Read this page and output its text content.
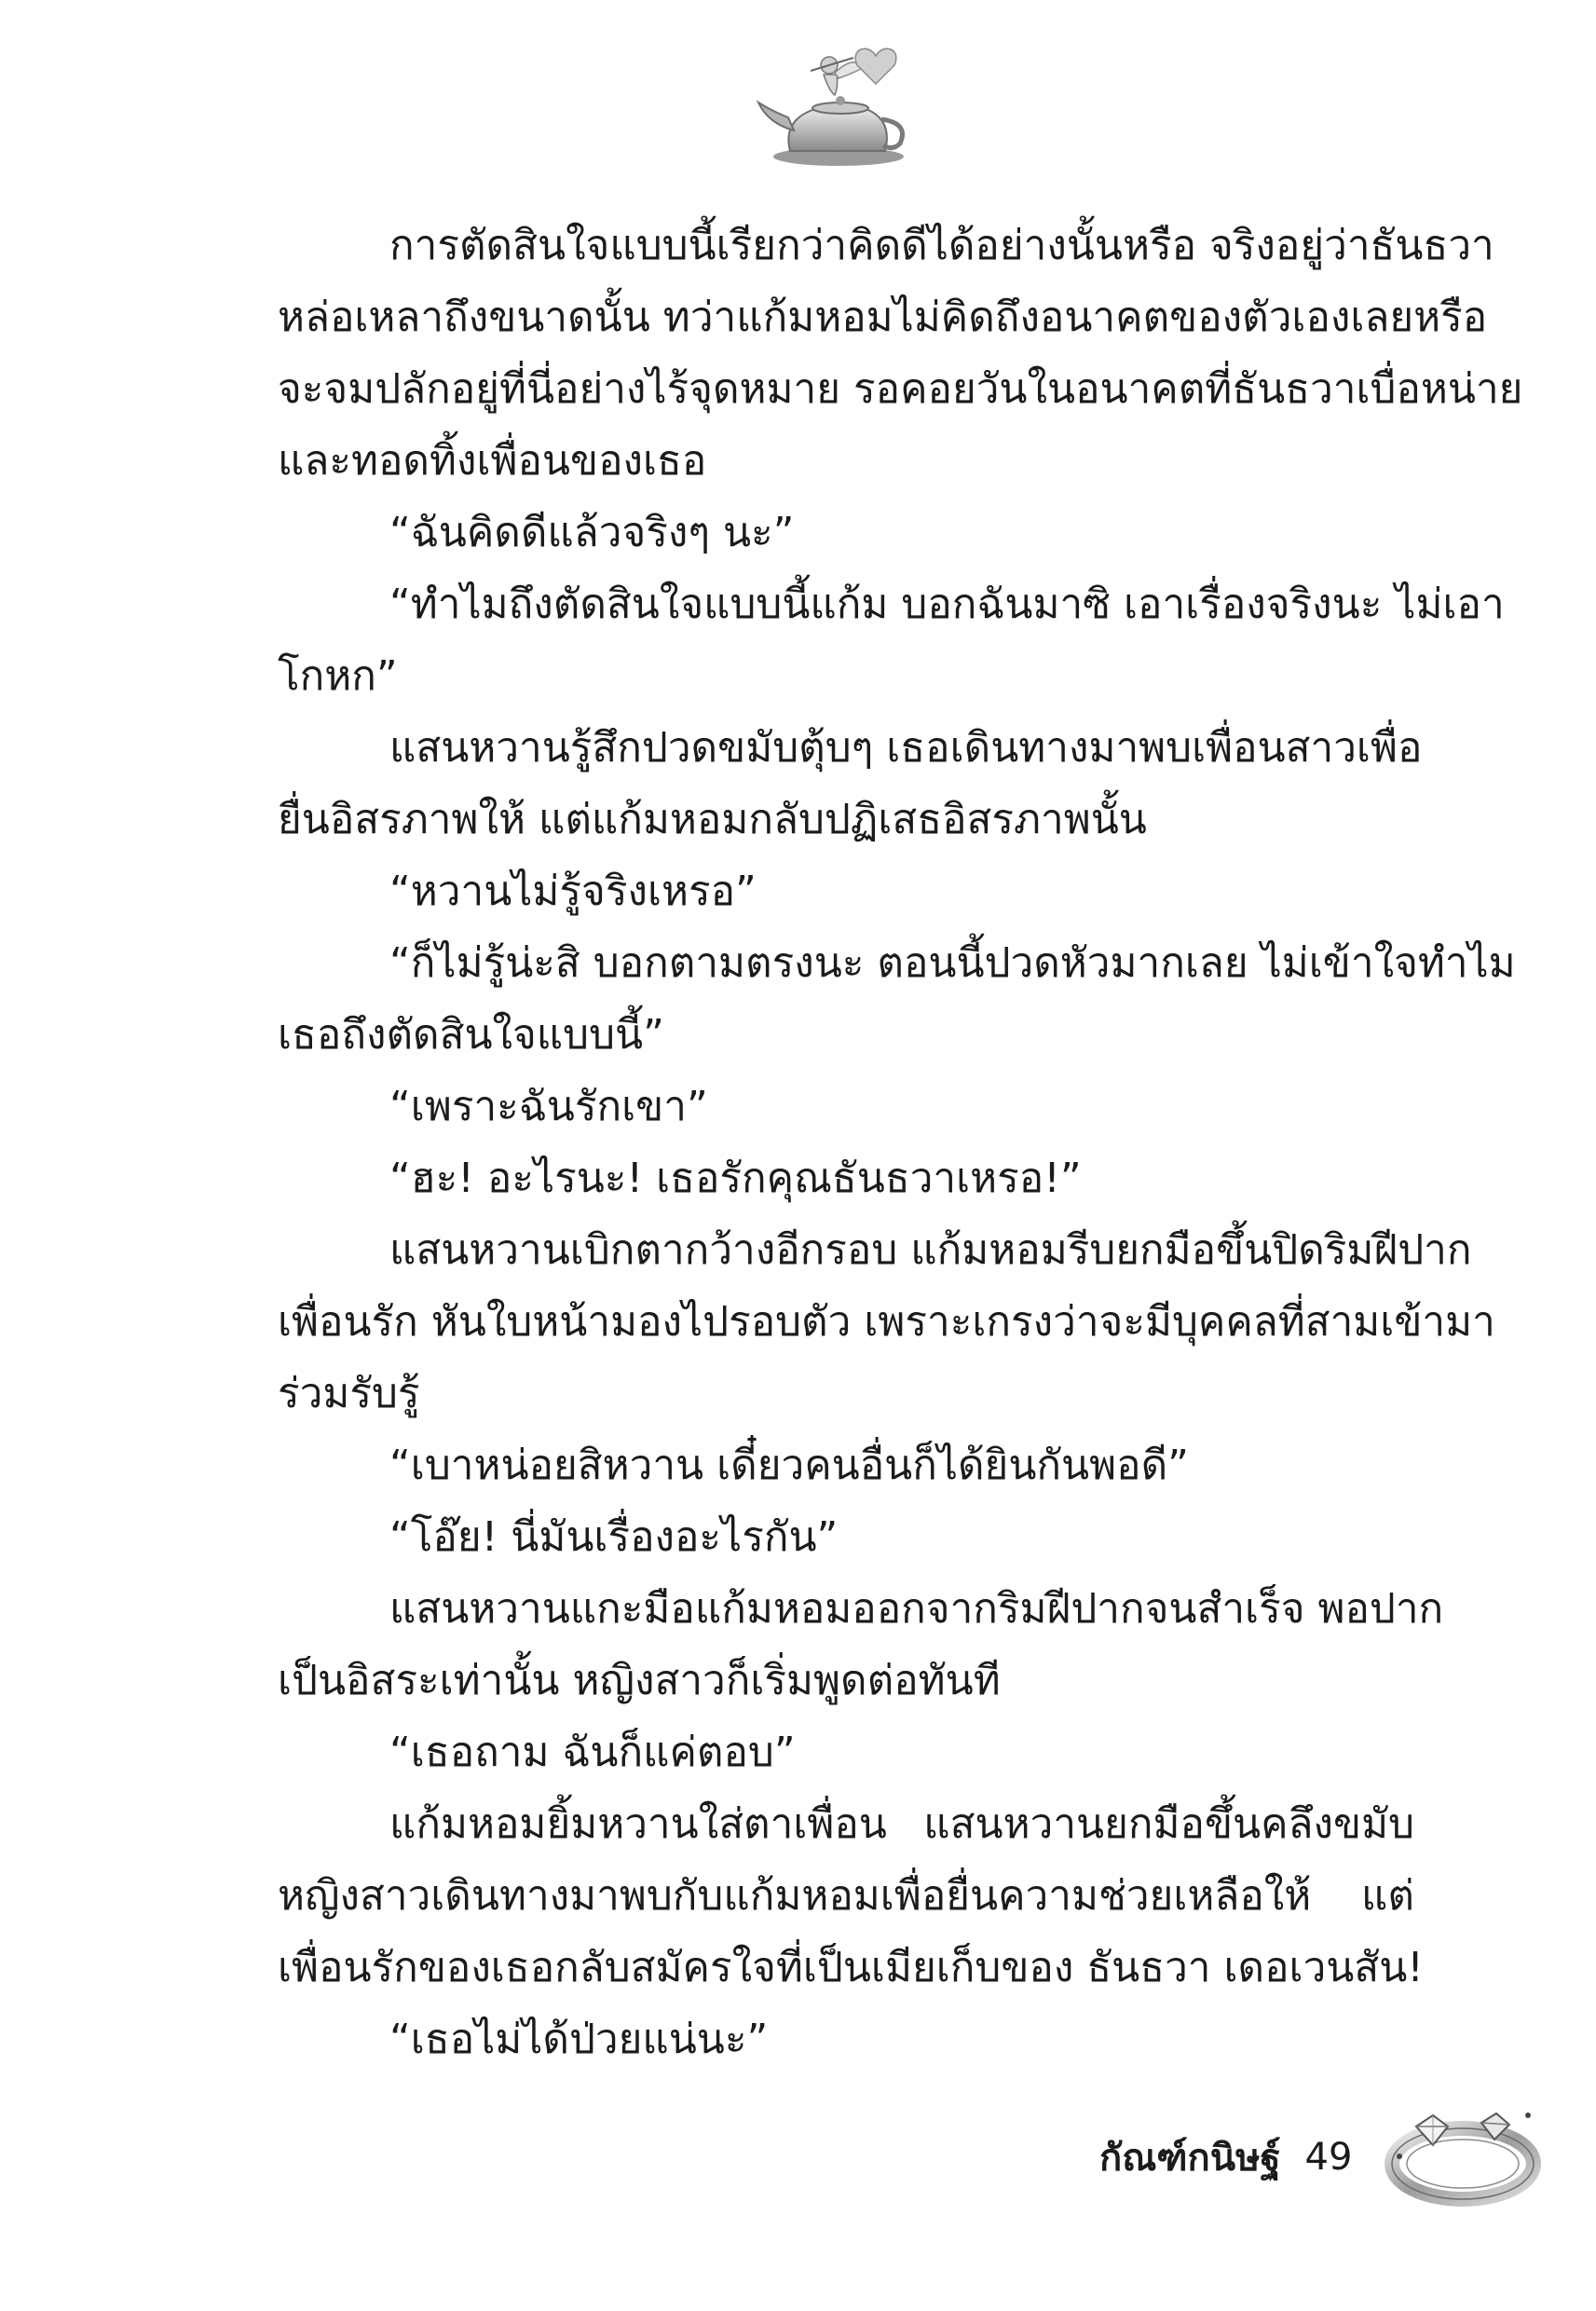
การตัดสินใจแบบนี้เรียกว่าคิดดีได้อย่างนั้นหรือ จริงอยู่ว่าธันธวา
หล่อเหลาถึงขนาดนั้น ทว่าแก้มหอมไม่คิดถึงอนาคตของตัวเองเลยหรือ
จะจมปลักอยู่ที่นี่อย่างไร้จุดหมาย รอคอยวันในอนาคตที่ธันธวาเบื่อหน่าย
และทอดทิ้งเพื่อนของเธอ
“ฉันคิดดีแล้วจริงๆ นะ”
“ทำไมถึงตัดสินใจแบบนี้แก้ม บอกฉันมาซิ เอาเรื่องจริงนะ ไม่เอา
โกหก”
แสนหวานรู้สึกปวดขมับตุ้บๆ เธอเดินทางมาพบเพื่อนสาวเพื่อ
ยื่นอิสรภาพให้ แต่แก้มหอมกลับปฏิเสธอิสรภาพนั้น
“หวานไม่รู้จริงเหรอ”
“ก็ไม่รู้น่ะสิ บอกตามตรงนะ ตอนนี้ปวดหัวมากเลย ไม่เข้าใจทำไม
เธอถึงตัดสินใจแบบนี้”
“เพราะฉันรักเขา”
“ฮะ! อะไรนะ! เธอรักคุณธันธวาเหรอ!”
แสนหวานเบิกตากว้างอีกรอบ แก้มหอมรีบยกมือขึ้นปิดริมฝีปาก
เพื่อนรัก หันใบหน้ามองไปรอบตัว เพราะเกรงว่าจะมีบุคคลที่สามเข้ามา
ร่วมรับรู้
“เบาหน่อยสิหวาน เดี๋ยวคนอื่นก็ได้ยินกันพอดี”
“โอ๊ย! นี่มันเรื่องอะไรกัน”
แสนหวานแกะมือแก้มหอมออกจากริมฝีปากจนสำเร็จ พอปาก
เป็นอิสระเท่านั้น หญิงสาวก็เริ่มพูดต่อทันที
“เธอถาม ฉันก็แค่ตอบ”
แก้มหอมยิ้มหวานใส่ตาเพื่อน แสนหวานยกมือขึ้นคลึงขมับ
หญิงสาวเดินทางมาพบกับแก้มหอมเพื่อยื่นความช่วยเหลือให้ แต่
เพื่อนรักของเธอกลับสมัครใจที่เป็นเมียเก็บของ ธันธวา เดอเวนสัน!
“เธอไม่ได้ป่วยแน่นะ”
กัณฑ์กนิษฐ์ 49
